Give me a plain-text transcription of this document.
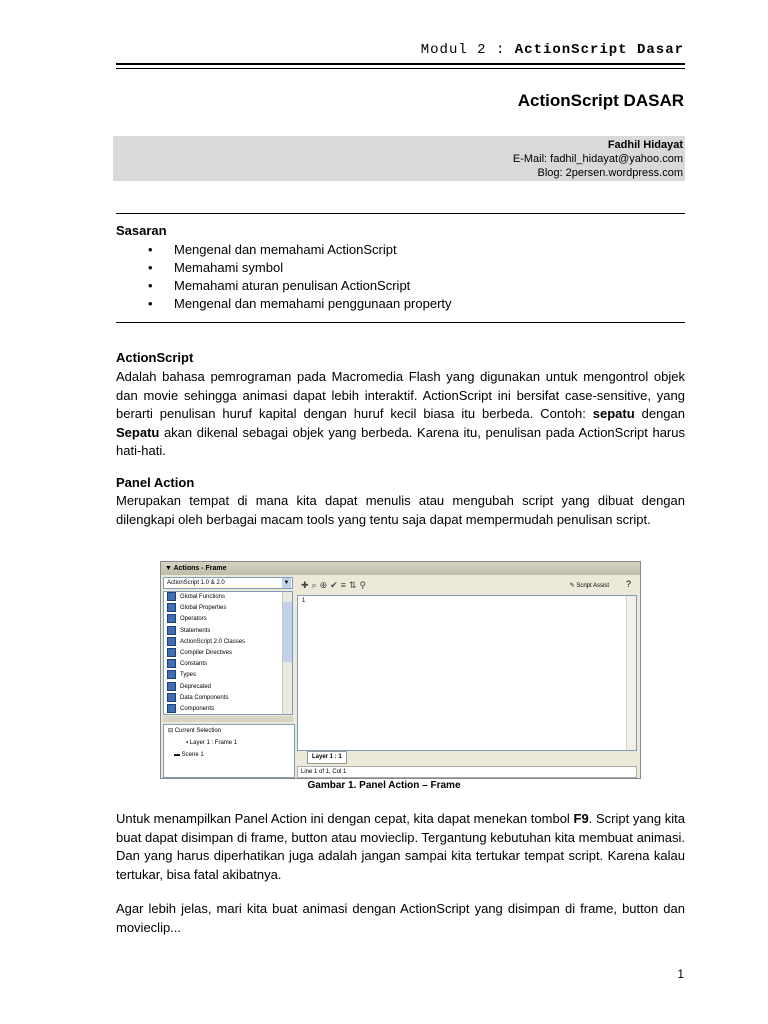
Modul 2 : ActionScript Dasar
ActionScript DASAR
Fadhil Hidayat
E-Mail: fadhil_hidayat@yahoo.com
Blog: 2persen.wordpress.com
Sasaran
• Mengenal dan memahami ActionScript
• Memahami symbol
• Memahami aturan penulisan ActionScript
• Mengenal dan memahami penggunaan property
ActionScript
Adalah bahasa pemrograman pada Macromedia Flash yang digunakan untuk mengontrol objek dan movie sehingga animasi dapat lebih interaktif. ActionScript ini bersifat case-sensitive, yang berarti penulisan huruf kapital dengan huruf kecil biasa itu berbeda. Contoh: sepatu dengan Sepatu akan dikenal sebagai objek yang berbeda. Karena itu, penulisan pada ActionScript harus hati-hati.
Panel Action
Merupakan tempat di mana kita dapat menulis atau mengubah script yang dibuat dengan dilengkapi oleh berbagai macam tools yang tentu saja dapat mempermudah penulisan script.
▼ Actions - Frame
ActionScript 1.0 & 2.0	▼
Global Functions
Global Properties
Operators
Statements
ActionScript 2.0 Classes
Compiler Directives
Constants
Types
Deprecated
Data Components
Components
⊟ Current Selection
▪ Layer 1 : Frame 1
▬ Scene 1
✚⌕⊕✔≡⇅⚲	✎ Script Assist ?
1
Layer 1 : 1
Line 1 of 1, Col 1
Gambar 1. Panel Action – Frame
Untuk menampilkan Panel Action ini dengan cepat, kita dapat menekan tombol F9. Script yang kita buat dapat disimpan di frame, button atau movieclip. Tergantung kebutuhan kita membuat animasi. Dan yang harus diperhatikan juga adalah jangan sampai kita tertukar tempat script. Karena kalau tertukar, bisa fatal akibatnya.
Agar lebih jelas, mari kita buat animasi dengan ActionScript yang disimpan di frame, button dan movieclip...
1
